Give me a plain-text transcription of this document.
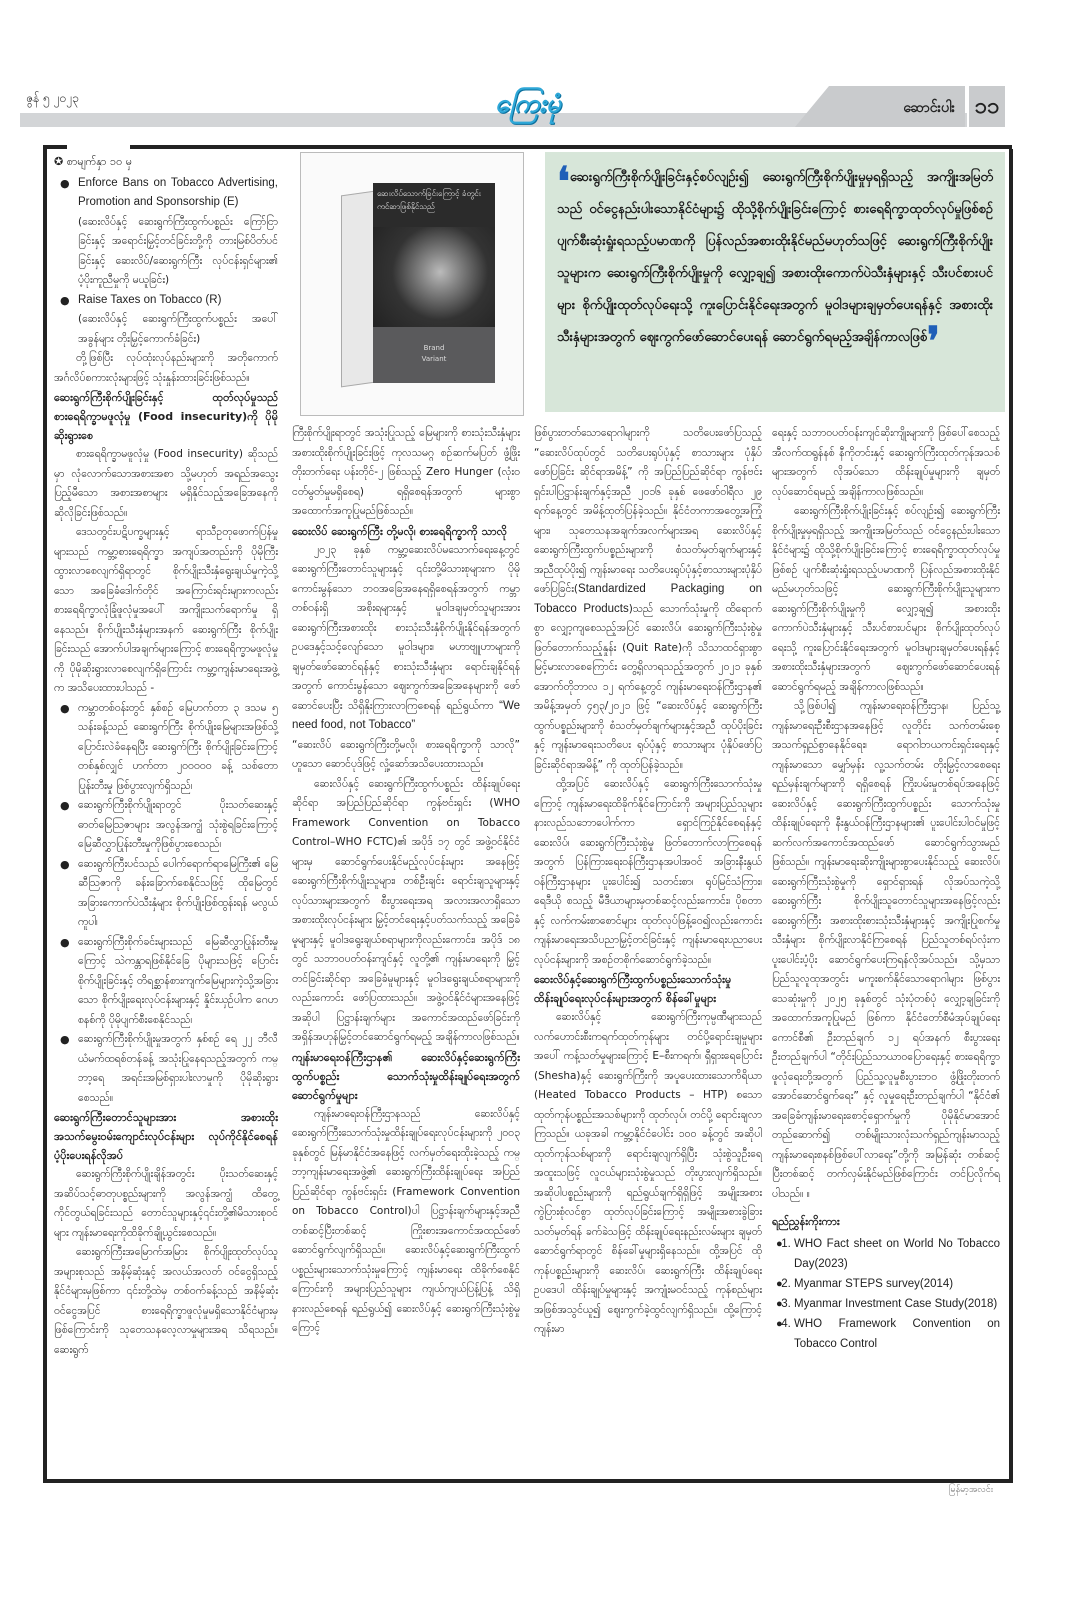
ဇွန် ၅ ၂၀၂၃	ကြေးမုံ	ဆောင်းပါး ၁၁
✪ စာမျက်နှာ ၁၀ မှ
● Enforce Bans on Tobacco Advertising, Promotion and Sponsorship (E)
(ဆေးလိပ်နှင့် ဆေးရွက်ကြီးထွက်ပစ္စည်း ကြော်ငြာခြင်းနှင့် အရောင်းမြှင့်တင်ခြင်းတို့ကို တားမြစ်ပိတ်ပင်ခြင်းနှင့် ဆေးလိပ်/ဆေးရွက်ကြီး လုပ်ငန်းရှင်များ၏ ပံ့ပိုးကူညီမှုကို မယူခြင်း)
● Raise Taxes on Tobacco (R)
(ဆေးလိပ်နှင့် ဆေးရွက်ကြီးထွက်ပစ္စည်း အပေါ် အခွန်များ တိုးမြှင့်ကောက်ခံခြင်း)

တို့ဖြစ်ပြီး လုပ်ထုံးလုပ်နည်းများကို အတိုကောက်အင်္ဂလိပ်စကားလုံးများဖြင့် သုံးနှုန်းထားခြင်းဖြစ်သည်။

ဆေးရွက်ကြီးစိုက်ပျိုးခြင်းနှင့် ထုတ်လုပ်မှုသည် စားရေရိက္ခာမဖူလုံမှု (Food insecurity)ကို ပိုမိုဆိုးရွားစေ

စားရေရိက္ခာမဖူလုံမှု (Food insecurity) ဆိုသည်မှာ လုံလောက်သောအစားအစာ သို့မဟုတ် အရည်အသွေးပြည့်မီသော အစားအစာများ မရှိနိုင်သည့်အခြေအနေကို ဆိုလိုခြင်းဖြစ်သည်။

ဒေသတွင်းပဋိပက္ခများနှင့် ရာသီဥတုဖောက်ပြန်မှုများသည် ကမ္ဘာ့စားရေရိက္ခာ အကျပ်အတည်းကို ပိုမိုကြီးထွားလာစေလျက်ရှိရာတွင် စိုက်ပျိုးသီးနှံရွေးချယ်မှုကဲ့သို့သော အခြေခံဒေါက်တိုင် အကြောင်းရင်းများကလည်း စားရေရိက္ခာလုံခြုံဖူလုံမှုအပေါ် အကျိုးသက်ရောက်မှု ရှိနေသည်။ စိုက်ပျိုးသီးနှံများအနက် ဆေးရွက်ကြီး စိုက်ပျိုးခြင်းသည် အောက်ပါအချက်များကြောင့် စားရေရိက္ခာမဖူလုံမှုကို ပိုမိုဆိုးရွားလာစေလျက်ရှိကြောင်း ကမ္ဘာ့ကျန်းမာရေးအဖွဲ့က အသိပေးထားပါသည် -

● ကမ္ဘာတစ်ဝန်းတွင် နှစ်စဉ် မြေဟက်တာ ၃ ဒသမ ၅ သန်းခန့်သည် ဆေးရွက်ကြီး စိုက်ပျိုးမြေများအဖြစ်သို့ ပြောင်းလဲခံနေရပြီး ဆေးရွက်ကြီး စိုက်ပျိုးခြင်းကြောင့် တစ်နှစ်လျှင် ဟက်တာ ၂၀၀၀၀၀ ခန့် သစ်တောပြုန်းတီးမှု ဖြစ်ပွားလျက်ရှိသည်၊
● ဆေးရွက်ကြီးစိုက်ပျိုးရာတွင် ပိုးသတ်ဆေးနှင့် ဓာတ်မြေဩဇာများ အလွန်အကျွံ သုံးစွဲရခြင်းကြောင့် မြေဆီလွှာပြုန်းတီးမှုကိုဖြစ်ပွားစေသည်၊
● ဆေးရွက်ကြီးပင်သည် ပေါက်ရောက်ရာမြေကြီး၏ မြေဆီဩဇာကို ခန်းခြောက်စေနိုင်သဖြင့် ထိုမြေတွင် အခြားကောက်ပဲသီးနှံများ စိုက်ပျိုးဖြစ်ထွန်းရန် မလွယ်ကူပါ၊
● ဆေးရွက်ကြီးစိုက်ခင်းများသည် မြေဆီလွှာပြုန်းတီးမှုကြောင့် သဲကန္တာရဖြစ်နိုင်ခြေ ပိုများသဖြင့် ပြောင်းစိုက်ပျိုးခြင်းနှင့် တိရစ္ဆာန်စားကျက်မြေများကဲ့သို့အခြားသော စိုက်ပျိုးရေးလုပ်ငန်းများနှင့် နှိုင်းယှဉ်ပါက ဂေဟစနစ်ကို ပိုမိုပျက်စီးစေနိုင်သည်၊
● ဆေးရွက်ကြီးစိုက်ပျိုးမှုအတွက် နှစ်စဉ် ရေ ၂၂ ဘီလီယံမက်ထရစ်တန်ခန့် အသုံးပြုနေရသည့်အတွက် ကမ္ဘာ့ရေ အရင်းအမြစ်ရှားပါးလာမှုကို ပိုမိုဆိုးရွားစေသည်။
ဆေးရွက်ကြီးတောင်သူများအား အစားထိုးအသက်မွေးဝမ်းကျောင်းလုပ်ငန်းများ လုပ်ကိုင်နိုင်စေရန် ပံ့ပိုးပေးရန်လိုအပ်

ဆေးရွက်ကြီးစိုက်ပျိုးချိန်အတွင်း ပိုးသတ်ဆေးနှင့် အဆိပ်သင့်ဓာတုပစ္စည်းများကို အလွန်အကျွံ ထိတွေ့ကိုင်တွယ်ရခြင်းသည် တောင်သူများနှင့်၎င်းတို့၏မိသားစုဝင်များ ကျန်းမာရေးကိုထိခိုက်ချို့ယွင်းစေသည်။

ဆေးရွက်ကြီးအမြောက်အမြား စိုက်ပျိုးထုတ်လုပ်သူအများစုသည် အနိမ့်ဆုံးနှင့် အလယ်အလတ် ဝင်ငွေရှိသည့်နိုင်ငံများမှဖြစ်ကာ ၎င်းတို့ထဲမှ တစ်ဝက်ခန့်သည် အနိမ့်ဆုံးဝင်ငွေအပြင် စားရေရိက္ခာဖူလုံမှုမရှိသောနိုင်ငံများမှ ဖြစ်ကြောင်းကို သုတေသနလေ့လာမှုများအရ သိရသည်။ ဆေးရွက်

ဆေးလိပ်သောက်ခြင်းကြောင့် ခံတွင်းကင်ဆာဖြစ်နိုင်သည်
Brand
Variant
❛ဆေးရွက်ကြီးစိုက်ပျိုးခြင်းနှင့်စပ်လျဉ်း၍ ဆေးရွက်ကြီးစိုက်ပျိုးမှုမှရရှိသည့် အကျိုးအမြတ်သည် ဝင်ငွေနည်းပါးသောနိုင်ငံများ၌ ထိုသို့စိုက်ပျိုးခြင်းကြောင့် စားရေရိက္ခာထုတ်လုပ်မှုဖြစ်စဉ် ပျက်စီးဆုံးရှုံးရသည့်ပမာဏကို ပြန်လည်အစားထိုးနိုင်မည်မဟုတ်သဖြင့် ဆေးရွက်ကြီးစိုက်ပျိုးသူများက ဆေးရွက်ကြီးစိုက်ပျိုးမှုကို လျှော့ချ၍ အစားထိုးကောက်ပဲသီးနှံများနှင့် သီးပင်စားပင်များ စိုက်ပျိုးထုတ်လုပ်ရေးသို့ ကူးပြောင်းနိုင်ရေးအတွက် မူဝါဒများချမှတ်ပေးရန်နှင့် အစားထိုးသီးနှံများအတွက် ဈေးကွက်ဖော်ဆောင်ပေးရန် ဆောင်ရွက်ရမည့်အချိန်ကာလဖြစ်❜

ကြီးစိုက်ပျိုးရာတွင် အသုံးပြုသည့် မြေများကို စားသုံးသီးနှံများ အစားထိုးစိုက်ပျိုးခြင်းဖြင့် ကုလသမဂ္ဂ စဉ်ဆက်မပြတ် ဖွံ့ဖြိုးတိုးတက်ရေး ပန်းတိုင်-၂ ဖြစ်သည့် Zero Hunger (လုံးဝ ငတ်မွတ်မှုမရှိစေရ) ရရှိစေရန်အတွက် များစွာအထောက်အကူပြုမည်ဖြစ်သည်။

ဆေးလိပ် ဆေးရွက်ကြီး တို့မလို၊ စားရေရိက္ခာကို သာလို

၂၀၂၃ ခုနှစ် ကမ္ဘာ့ဆေးလိပ်မသောက်ရေးနေ့တွင် ဆေးရွက်ကြီးတောင်သူများနှင့် ၎င်းတို့မိသားစုများက ပိုမိုကောင်းမွန်သော ဘဝအခြေအနေရရှိစေရန်အတွက် ကမ္ဘာတစ်ဝန်းရှိ အစိုးရများနှင့် မူဝါဒချမှတ်သူများအား ဆေးရွက်ကြီးအစားထိုး စားသုံးသီးနှံစိုက်ပျိုးနိုင်ရန်အတွက် ဥပဒေနှင့်သင့်လျော်သော မူဝါဒများ၊ မဟာဗျူဟာများကို ချမှတ်ဖော်ဆောင်ရန်နှင့် စားသုံးသီးနှံများ ရောင်းချနိုင်ရန်အတွက် ကောင်းမွန်သော ဈေးကွက်အခြေအနေများကို ဖော်ဆောင်ပေးပြီး သိရှိနိုးကြားလာကြစေရန် ရည်ရွယ်ကာ “We need food, not Tobacco”

“ဆေးလိပ် ဆေးရွက်ကြီးတို့မလို၊ စားရေရိက္ခာကို သာလို” ဟူသော ဆောင်ပုဒ်ဖြင့် လှုံ့ဆော်အသိပေးထားသည်။

ဆေးလိပ်နှင့် ဆေးရွက်ကြီးထွက်ပစ္စည်း ထိန်းချုပ်ရေးဆိုင်ရာ အပြည်ပြည်ဆိုင်ရာ ကွန်ဗင်းရှင်း (WHO Framework Convention on Tobacco Control–WHO FCTC)၏ အပိုဒ် ၁၇ တွင် အဖွဲ့ဝင်နိုင်ငံများမှ ဆောင်ရွက်ပေးနိုင်မည့်လုပ်ငန်းများ အနေဖြင့် ဆေးရွက်ကြီးစိုက်ပျိုးသူများ၊ တစ်ဦးချင်း ရောင်းချသူများနှင့် လုပ်သားများအတွက် စီးပွားရေးအရ အလားအလာရှိသော အစားထိုးလုပ်ငန်းများ မြှင့်တင်ရေးနှင့်ပတ်သက်သည့် အခြေခံမူများနှင့် မူဝါဒရွေးချယ်စရာများကိုလည်းကောင်း၊ အပိုဒ် ၁၈ တွင် သဘာဝပတ်ဝန်းကျင်နှင့် လူတို့၏ ကျန်းမာရေးကို မြှင့်တင်ခြင်းဆိုင်ရာ အခြေခံမူများနှင့် မူဝါဒရွေးချယ်စရာများကိုလည်းကောင်း ဖော်ပြထားသည်။ အဖွဲ့ဝင်နိုင်ငံများအနေဖြင့် အဆိုပါ ပြဋ္ဌာန်းချက်များ အကောင်အထည်ဖော်ခြင်းကို အရှိန်အဟုန်မြှင့်တင်ဆောင်ရွက်ရမည့် အချိန်ကာလဖြစ်သည်။

ကျန်းမာရေးဝန်ကြီးဌာန၏ ဆေးလိပ်နှင့်ဆေးရွက်ကြီး ထွက်ပစ္စည်း သောက်သုံးမှုထိန်းချုပ်ရေးအတွက် ဆောင်ရွက်မှုများ

ကျန်းမာရေးဝန်ကြီးဌာနသည် ဆေးလိပ်နှင့် ဆေးရွက်ကြီးသောက်သုံးမှုထိန်းချုပ်ရေးလုပ်ငန်းများကို ၂၀၀၃ ခုနှစ်တွင် မြန်မာနိုင်ငံအနေဖြင့် လက်မှတ်ရေးထိုးခဲ့သည့် ကမ္ဘာ့ကျန်းမာရေးအဖွဲ့၏ ဆေးရွက်ကြီးထိန်းချုပ်ရေး အပြည်ပြည်ဆိုင်ရာ ကွန်ဗင်းရှင်း (Framework Convention on Tobacco Control)ပါ ပြဋ္ဌာန်းချက်များနှင့်အညီ တစ်ဆင့်ပြီးတစ်ဆင့် ကြိုးစားအကောင်အထည်ဖော်ဆောင်ရွက်လျက်ရှိသည်။ ဆေးလိပ်နှင့်ဆေးရွက်ကြီးထွက်ပစ္စည်းများသောက်သုံးမှုကြောင့် ကျန်းမာရေး ထိခိုက်စေနိုင်ကြောင်းကို အများပြည်သူများ ကျယ်ကျယ်ပြန့်ပြန့် သိရှိနားလည်စေရန် ရည်ရွယ်၍ ဆေးလိပ်နှင့် ဆေးရွက်ကြီးသုံးစွဲမှုကြောင့်

ဖြစ်ပွားတတ်သောရောဂါများကို သတိပေးဖော်ပြသည့် “ဆေးလိပ်ထုပ်တွင် သတိပေးရုပ်ပုံနှင့် စာသားများ ပုံနှိပ်ဖော်ပြခြင်း ဆိုင်ရာအမိန့်” ကို အပြည်ပြည်ဆိုင်ရာ ကွန်ဗင်းရှင်းပါပြဋ္ဌာန်းချက်နှင့်အညီ ၂၀၁၆ ခုနှစ် ဖေဖော်ဝါရီလ ၂၉ ရက်နေ့တွင် အမိန့်ထုတ်ပြန်ခဲ့သည်။ နိုင်ငံတကာအတွေ့အကြုံများ၊ သုတေသနအချက်အလက်များအရ ဆေးလိပ်နှင့် ဆေးရွက်ကြီးထွက်ပစ္စည်းများကို စံသတ်မှတ်ချက်များနှင့်အညီထုပ်ပိုး၍ ကျန်းမာရေး သတိပေးရုပ်ပုံနှင့်စာသားများပုံနှိပ်ဖော်ပြခြင်း(Standardized Packaging on Tobacco Products)သည် သောက်သုံးမှုကို ထိရောက်စွာ လျှော့ကျစေသည့်အပြင် ဆေးလိပ်၊ ဆေးရွက်ကြီးသုံးစွဲမှု ဖြတ်တောက်သည့်နှုန်း (Quit Rate)ကို သိသာထင်ရှားစွာ မြင့်မားလာစေကြောင်း တွေ့ရှိလာရသည့်အတွက် ၂၀၂၁ ခုနှစ် အောက်တိုဘာလ ၁၂ ရက်နေ့တွင် ကျန်းမာရေးဝန်ကြီးဌာန၏ အမိန့်အမှတ် ၄၅၃/၂၀၂၁ ဖြင့် “ဆေးလိပ်နှင့် ဆေးရွက်ကြီးထွက်ပစ္စည်းများကို စံသတ်မှတ်ချက်များနှင့်အညီ ထုပ်ပိုးခြင်းနှင့် ကျန်းမာရေးသတိပေး ရုပ်ပုံနှင့် စာသားများ ပုံနှိပ်ဖော်ပြခြင်းဆိုင်ရာအမိန့်” ကို ထုတ်ပြန်ခဲ့သည်။

ထို့အပြင် ဆေးလိပ်နှင့် ဆေးရွက်ကြီးသောက်သုံးမှုကြောင့် ကျန်းမာရေးထိခိုက်နိုင်ကြောင်းကို အများပြည်သူများ နားလည်သဘောပေါက်ကာ ရှောင်ကြဉ်နိုင်စေရန်နှင့် ဆေးလိပ်၊ ဆေးရွက်ကြီးသုံးစွဲမှု ဖြတ်တောက်လာကြစေရန်အတွက် ပြန်ကြားရေးဝန်ကြီးဌာနအပါအဝင် အခြားနီးနွယ်ဝန်ကြီးဌာနများ ပူးပေါင်း၍ သတင်းစာ၊ ရုပ်မြင်သံကြား၊ ရေဒီယို စသည့် မီဒီယာများမှတစ်ဆင့်လည်းကောင်း၊ ပိုစတာနှင့် လက်ကမ်းစာစောင်များ ထုတ်လုပ်ဖြန့်ဝေ၍လည်းကောင်း ကျန်းမာရေးအသိပညာမြှင့်တင်ခြင်းနှင့် ကျန်းမာရေးပညာပေးလုပ်ငန်းများကို အစဉ်တစိုက်ဆောင်ရွက်ခဲ့သည်။

ဆေးလိပ်နှင့်ဆေးရွက်ကြီးထွက်ပစ္စည်းသောက်သုံးမှုထိန်းချုပ်ရေးလုပ်ငန်းများအတွက် စိန်ခေါ်မှုများ

ဆေးလိပ်နှင့် ဆေးရွက်ကြီးကုမ္ပဏီများသည် လက်ဟောင်းစီးကရက်ထုတ်ကုန်များ တင်ပို့ရောင်းချမှုများအပေါ် ကန့်သတ်မှုများကြောင့် E–စီးကရက်၊ ရှီရှားရေပြောင်း (Shesha)နှင့် ဆေးရွက်ကြီးကို အပူပေးထားသောကိရိယာ (Heated Tobacco Products – HTP) စသော ထုတ်ကုန်ပစ္စည်းအသစ်များကို ထုတ်လုပ်၊ တင်ပို့ ရောင်းချလာကြသည်။ ယခုအခါ ကမ္ဘာ့နိုင်ငံပေါင်း ၁၀၀ ခန့်တွင် အဆိုပါထုတ်ကုန်သစ်များကို ရောင်းချလျက်ရှိပြီး သုံးစွဲသူဦးရေ အထူးသဖြင့် လူငယ်များသုံးစွဲမှုသည် တိုးပွားလျက်ရှိသည်။ အဆိုပါပစ္စည်းများကို ရည်ရွယ်ချက်ရှိရှိဖြင့် အမျိုးအစားကွဲပြားစုံလင်စွာ ထုတ်လုပ်ခြင်းကြောင့် အမျိုးအစားခွဲခြားသတ်မှတ်ရန် ခက်ခဲသဖြင့် ထိန်းချုပ်ရေးနည်းလမ်းများ ချမှတ်ဆောင်ရွက်ရာတွင် စိန်ခေါ်မှုများရှိနေသည်။ ထို့အပြင် ထိုကုန်ပစ္စည်းများကို ဆေးလိပ်၊ ဆေးရွက်ကြီး ထိန်းချုပ်ရေးဥပဒေပါ ထိန်းချုပ်မှုများနှင့် အကျုံးမဝင်သည့် ကုန်စည်များအဖြစ်အသွင်ယူ၍ ဈေးကွက်ခဲ့ထွင်လျက်ရှိသည်။ ထို့ကြောင့် ကျန်းမာ

ရေးနှင့် သဘာဝပတ်ဝန်းကျင်ဆိုးကျိုးများကို ဖြစ်ပေါ်စေသည့် အီလက်ထရွန်နစ် နီကိုတင်းနှင့် ဆေးရွက်ကြီးထုတ်ကုန်အသစ်များအတွက် လိုအပ်သော ထိန်းချုပ်မှုများကို ချမှတ်လုပ်ဆောင်ရမည့် အချိန်ကာလဖြစ်သည်။

ဆေးရွက်ကြီးစိုက်ပျိုးခြင်းနှင့် စပ်လျဉ်း၍ ဆေးရွက်ကြီးစိုက်ပျိုးမှုမှရရှိသည့် အကျိုးအမြတ်သည် ဝင်ငွေနည်းပါးသောနိုင်ငံများ၌ ထိုသို့စိုက်ပျိုးခြင်းကြောင့် စားရေရိက္ခာထုတ်လုပ်မှုဖြစ်စဉ် ပျက်စီးဆုံးရှုံးရသည့်ပမာဏကို ပြန်လည်အစားထိုးနိုင်မည်မဟုတ်သဖြင့် ဆေးရွက်ကြီးစိုက်ပျိုးသူများက ဆေးရွက်ကြီးစိုက်ပျိုးမှုကို လျှော့ချ၍ အစားထိုးကောက်ပဲသီးနှံများနှင့် သီးပင်စားပင်များ စိုက်ပျိုးထုတ်လုပ်ရေးသို့ ကူးပြောင်းနိုင်ရေးအတွက် မူဝါဒများချမှတ်ပေးရန်နှင့် အစားထိုးသီးနှံများအတွက် ဈေးကွက်ဖော်ဆောင်ပေးရန် ဆောင်ရွက်ရမည့် အချိန်ကာလဖြစ်သည်။

သို့ဖြစ်ပါ၍ ကျန်းမာရေးဝန်ကြီးဌာန၊ ပြည်သူ့ကျန်းမာရေးဦးစီးဌာနအနေဖြင့် လူတိုင်း သက်တမ်းစေ့ အသက်ရှည်စွာနေနိုင်ရေး၊ ရောဂါဘယကင်းရှင်းရေးနှင့် ကျန်းမာသော မျှော်မှန်း လူ့သက်တမ်း တိုးမြှင့်လာစေရေး ရည်မှန်းချက်များကို ရရှိစေရန် ကြိုးပမ်းမှုတစ်ရပ်အနေဖြင့် ဆေးလိပ်နှင့် ဆေးရွက်ကြီးထွက်ပစ္စည်း သောက်သုံးမှုထိန်းချုပ်ရေးကို နီးနွယ်ဝန်ကြီးဌာနများ၏ ပူးပေါင်းပါဝင်မှုဖြင့် ဆက်လက်အကောင်အထည်ဖော် ဆောင်ရွက်သွားမည်ဖြစ်သည်။ ကျန်းမာရေးဆိုးကျိုးများစွာပေးနိုင်သည့် ဆေးလိပ်၊ ဆေးရွက်ကြီးသုံးစွဲမှုကို ရှောင်ရှားရန် လိုအပ်သကဲ့သို့ ဆေးရွက်ကြီး စိုက်ပျိုးသူတောင်သူများအနေဖြင့်လည်း ဆေးရွက်ကြီး အစားထိုးစားသုံးသီးနှံများနှင့် အကျိုးပြုစက်မှုသီးနှံများ စိုက်ပျိုးလာနိုင်ကြစေရန် ပြည်သူတစ်ရပ်လုံးက ပူးပေါင်းပံ့ပိုး ဆောင်ရွက်ပေးကြရန်လိုအပ်သည်။ သို့မှသာ ပြည်သူလူထုအတွင်း မကူးစက်နိုင်သောရောဂါများ ဖြစ်ပွားသေဆုံးမှုကို ၂၀၂၅ ခုနှစ်တွင် သုံးပုံတစ်ပုံ လျှော့ချခြင်းကို အထောက်အကူပြုမည် ဖြစ်ကာ နိုင်ငံတော်စီမံအုပ်ချုပ်ရေးကောင်စီ၏ ဦးတည်ချက် ၁၂ ရပ်အနက် စီးပွားရေးဦးတည်ချက်ပါ “တိုင်းပြည်သာယာဝပြောရေးနှင့် စားရေရိက္ခာဖူလုံရေးတို့အတွက် ပြည်သူ့လူမှုစီးပွားဘဝ ဖွံ့ဖြိုးတိုးတက်အောင်ဆောင်ရွက်ရေး” နှင့် လူမှုရေးဦးတည်ချက်ပါ “နိုင်ငံ၏ အခြေခံကျန်းမာရေးစောင့်ရှောက်မှုကို ပိုမိုနိုင်မာအောင်တည်ဆောက်၍ တစ်မျိုးသားလုံးသက်ရှည်ကျန်းမာသည့် ကျန်းမာရေးစနစ်ဖြစ်ပေါ်လာရေး”တို့ကို အမြန်ဆုံး တစ်ဆင့်ပြီးတစ်ဆင့် တက်လှမ်းနိုင်မည်ဖြစ်ကြောင်း တင်ပြလိုက်ရပါသည်။ ။

ရည်ညွှန်းကိုးကား
● 1. WHO Fact sheet on World No Tobacco Day(2023)
● 2. Myanmar STEPS survey(2014)
● 3. Myanmar Investment Case Study(2018)
● 4. WHO Framework Convention on Tobacco Control
မြန်မာ့အလင်း
